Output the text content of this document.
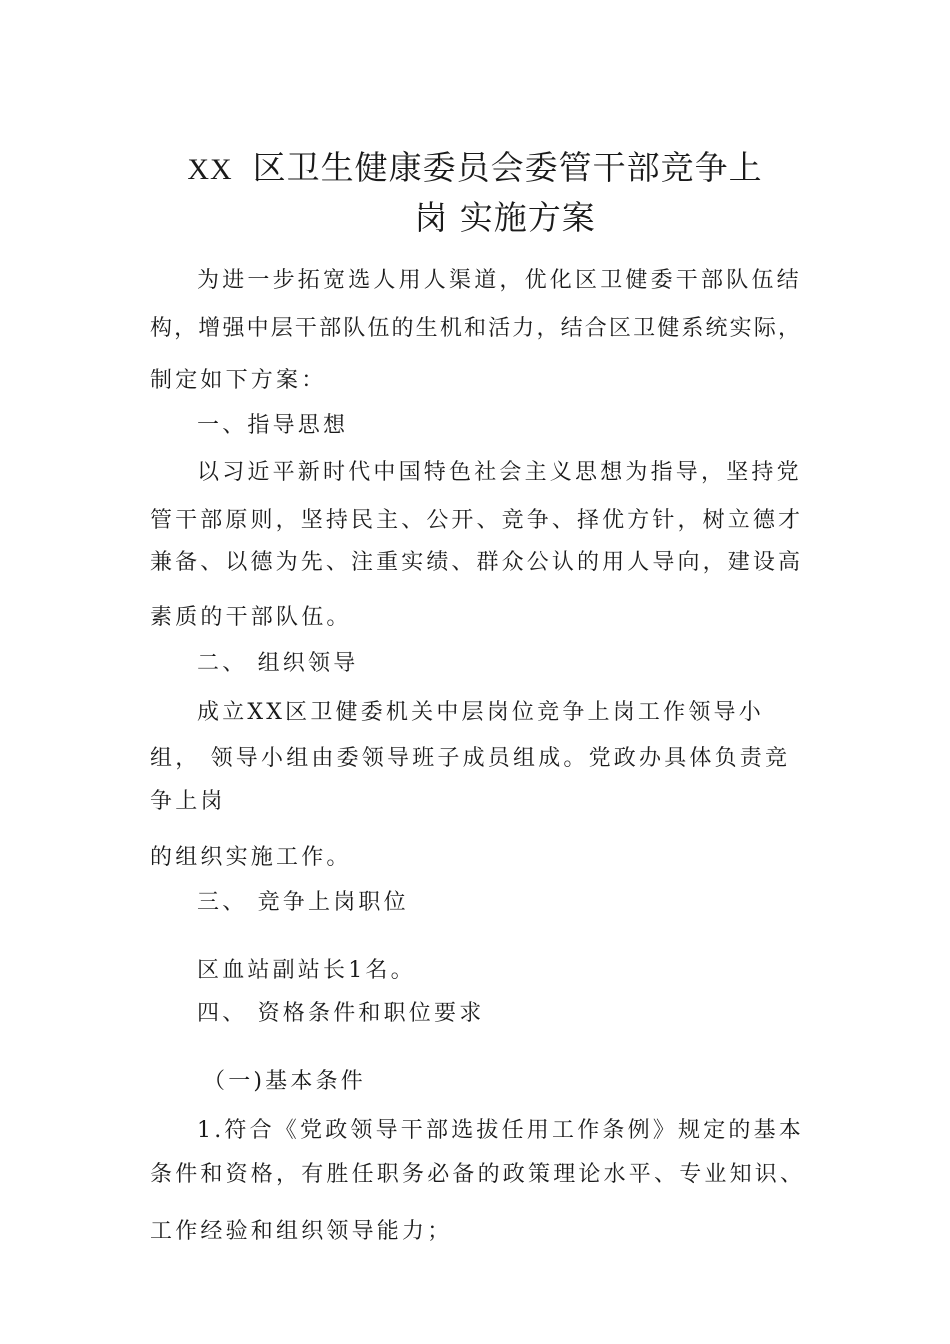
XX 区卫生健康委员会委管干部竞争上
岗 实施方案
为进一步拓宽选人用人渠道，优化区卫健委干部队伍结
构，增强中层干部队伍的生机和活力，结合区卫健系统实际，
制定如下方案：
一、指导思想
以习近平新时代中国特色社会主义思想为指导，坚持党
管干部原则，坚持民主、公开、竞争、择优方针，树立德才
兼备、以德为先、注重实绩、群众公认的用人导向，建设高
素质的干部队伍。
二、 组织领导
成立XX区卫健委机关中层岗位竞争上岗工作领导小
组， 领导小组由委领导班子成员组成。党政办具体负责竞
争上岗
的组织实施工作。
三、 竞争上岗职位
区血站副站长1名。
四、 资格条件和职位要求
（一)基本条件
1.符合《党政领导干部选拔任用工作条例》规定的基本
条件和资格，有胜任职务必备的政策理论水平、专业知识、
工作经验和组织领导能力；
